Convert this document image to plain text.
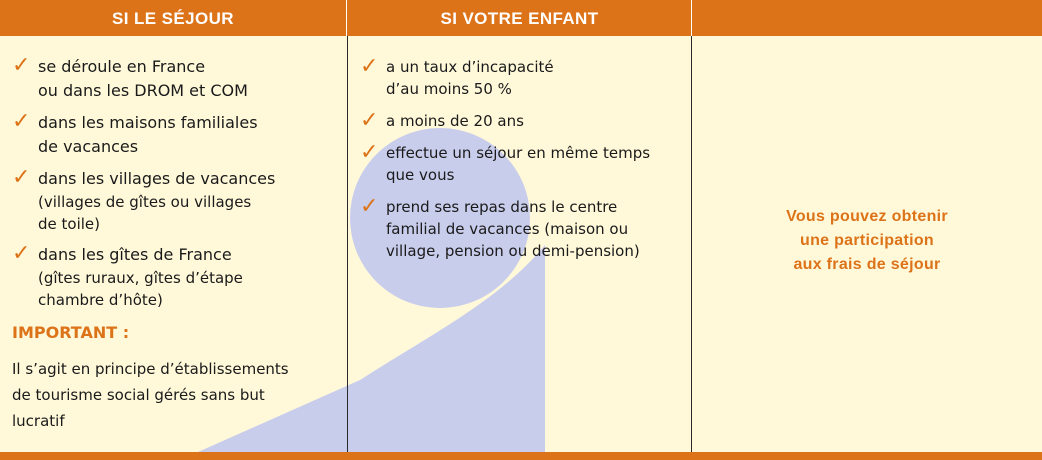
SI LE SÉJOUR	SI VOTRE ENFANT
✓ se déroule en France
ou dans les DROM et COM
✓ dans les maisons familiales
de vacances
✓ dans les villages de vacances
(villages de gîtes ou villages
de toile)
✓ dans les gîtes de France
(gîtes ruraux, gîtes d’étape
chambre d’hôte)
IMPORTANT :
Il s’agit en principe d’établissements
de tourisme social gérés sans but
lucratif
✓ a un taux d’incapacité
d’au moins 50 %
✓ a moins de 20 ans
✓ effectue un séjour en même temps
que vous
✓ prend ses repas dans le centre
familial de vacances (maison ou
village, pension ou demi-pension)
Vous pouvez obtenir
une participation
aux frais de séjour
